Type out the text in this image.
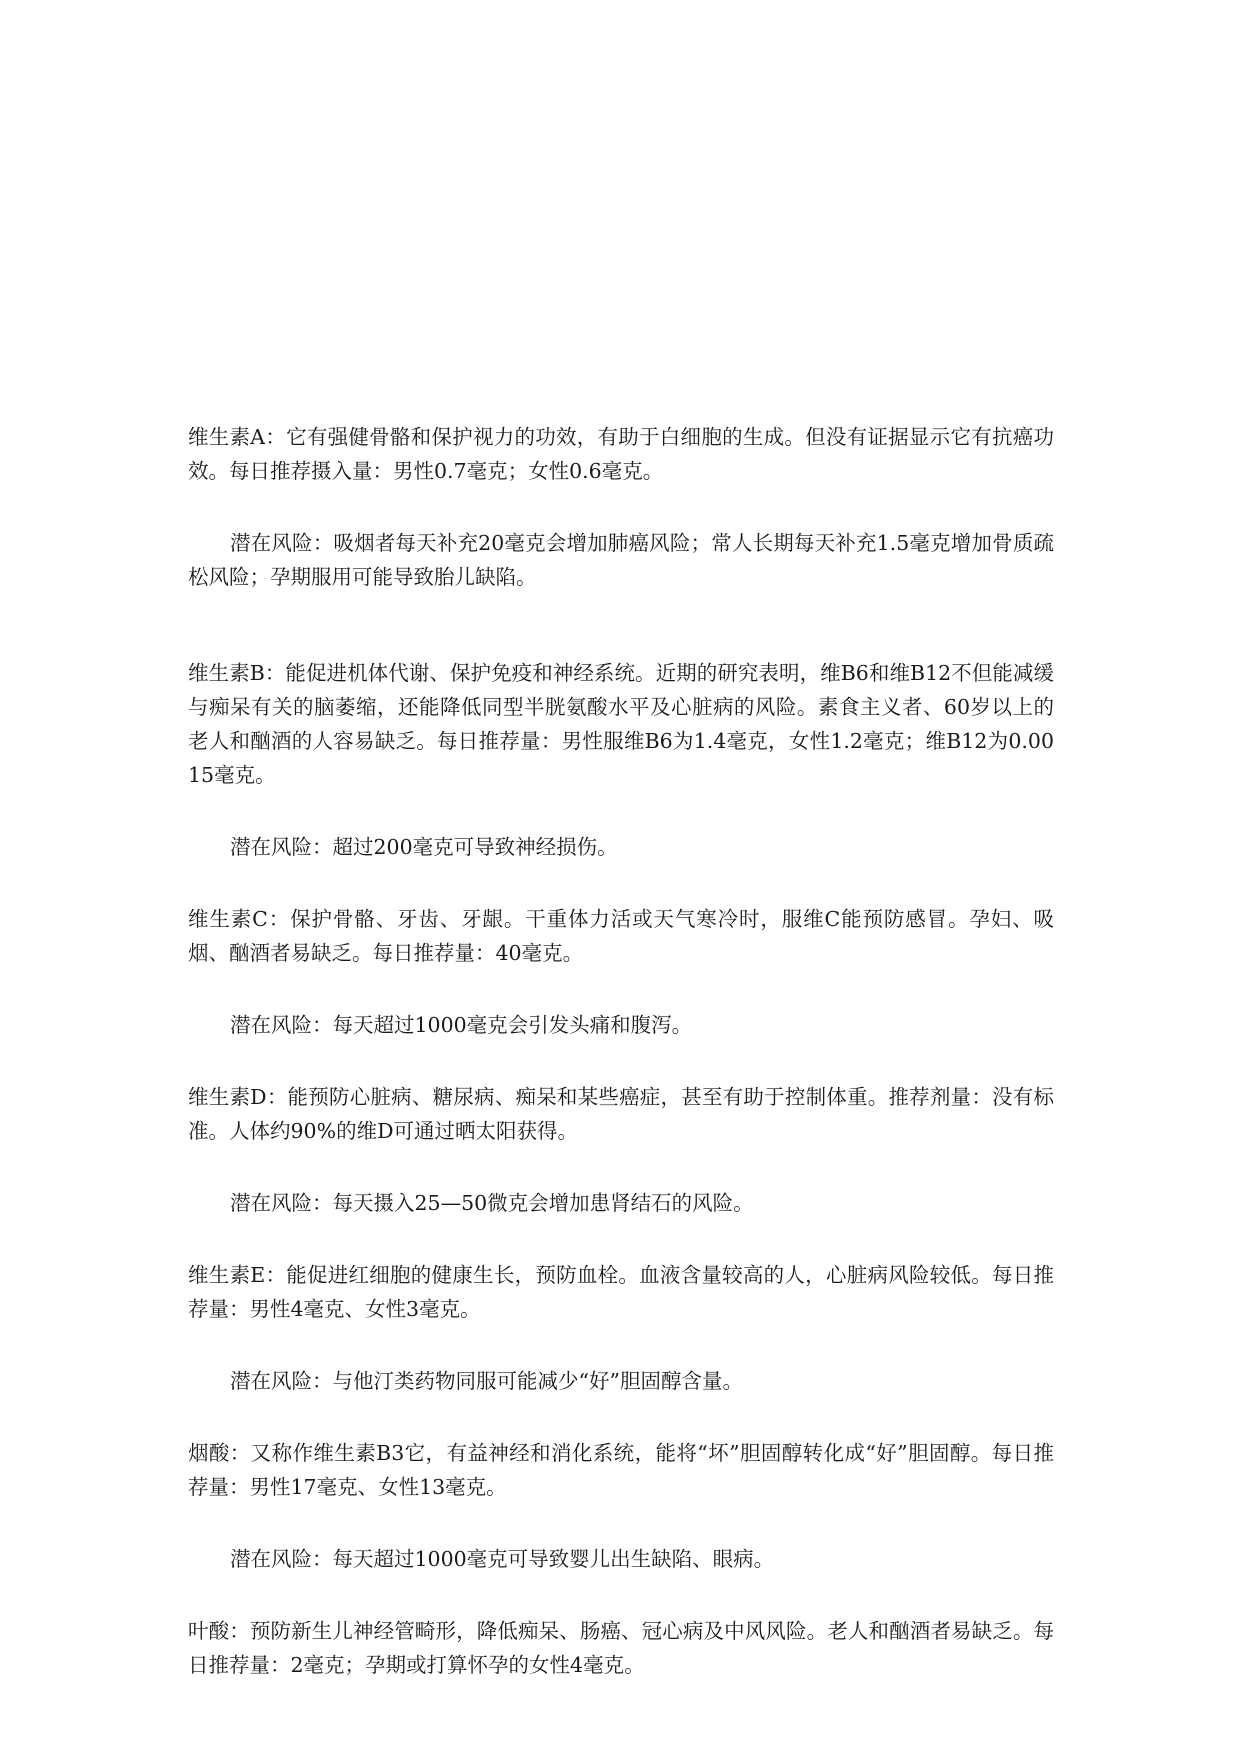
维生素A：它有强健骨骼和保护视力的功效，有助于白细胞的生成。但没有证据显示它有抗癌功效。每日推荐摄入量：男性0.7毫克；女性0.6毫克。

潜在风险：吸烟者每天补充20毫克会增加肺癌风险；常人长期每天补充1.5毫克增加骨质疏松风险；孕期服用可能导致胎儿缺陷。

维生素B：能促进机体代谢、保护免疫和神经系统。近期的研究表明，维B6和维B12不但能减缓与痴呆有关的脑萎缩，还能降低同型半胱氨酸水平及心脏病的风险。素食主义者、60岁以上的老人和酗酒的人容易缺乏。每日推荐量：男性服维B6为1.4毫克，女性1.2毫克；维B12为0.0015毫克。

潜在风险：超过200毫克可导致神经损伤。

维生素C：保护骨骼、牙齿、牙龈。干重体力活或天气寒冷时，服维C能预防感冒。孕妇、吸烟、酗酒者易缺乏。每日推荐量：40毫克。

潜在风险：每天超过1000毫克会引发头痛和腹泻。

维生素D：能预防心脏病、糖尿病、痴呆和某些癌症，甚至有助于控制体重。推荐剂量：没有标准。人体约90%的维D可通过晒太阳获得。

潜在风险：每天摄入25—50微克会增加患肾结石的风险。

维生素E：能促进红细胞的健康生长，预防血栓。血液含量较高的人，心脏病风险较低。每日推荐量：男性4毫克、女性3毫克。

潜在风险：与他汀类药物同服可能减少“好”胆固醇含量。

烟酸：又称作维生素B3它，有益神经和消化系统，能将“坏”胆固醇转化成“好”胆固醇。每日推荐量：男性17毫克、女性13毫克。

潜在风险：每天超过1000毫克可导致婴儿出生缺陷、眼病。

叶酸：预防新生儿神经管畸形，降低痴呆、肠癌、冠心病及中风风险。老人和酗酒者易缺乏。每日推荐量：2毫克；孕期或打算怀孕的女性4毫克。
